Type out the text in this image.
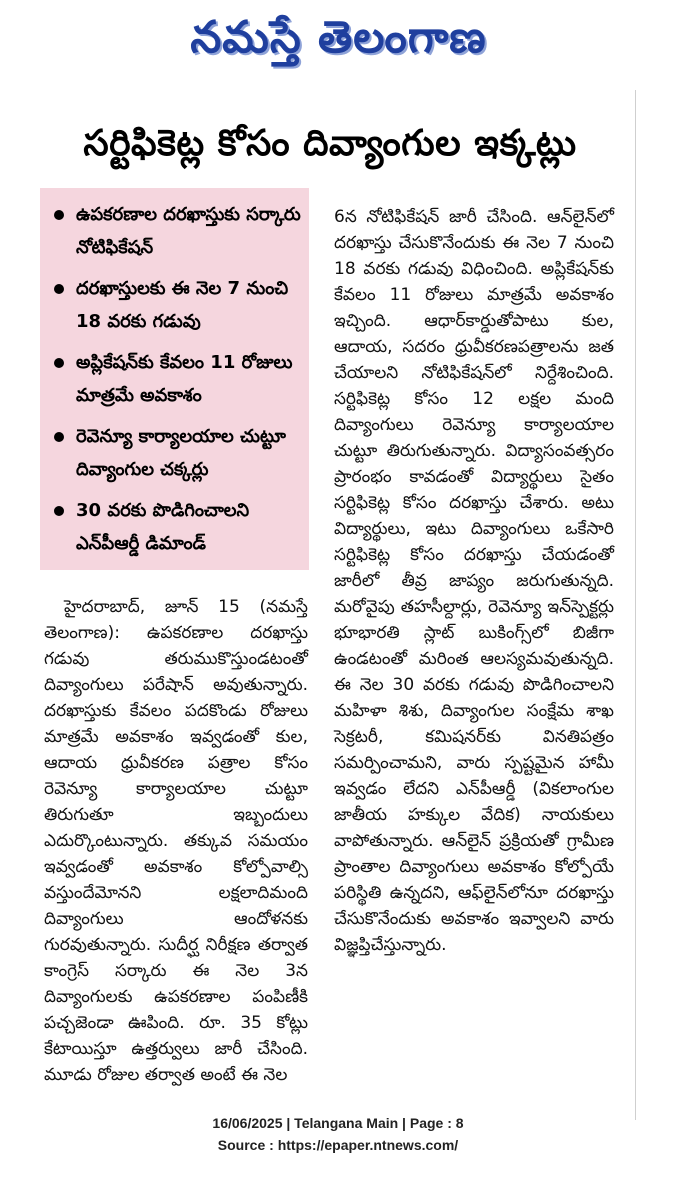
నమస్తే తెలంగాణ
సర్టిఫికెట్ల కోసం దివ్యాంగుల ఇక్కట్లు
ఉపకరణాల దరఖాస్తుకు సర్కారు నోటిఫికేషన్
దరఖాస్తులకు ఈ నెల 7 నుంచి 18 వరకు గడువు
అప్లికేషన్‌కు కేవలం 11 రోజులు మాత్రమే అవకాశం
రెవెన్యూ కార్యాలయాల చుట్టూ దివ్యాంగుల చక్కర్లు
30 వరకు పొడిగించాలని ఎన్‌పీఆర్డీ డిమాండ్

హైదరాబాద్, జూన్ 15 (నమస్తే తెలంగాణ): ఉపకరణాల దరఖాస్తు గడువు తరుముకొస్తుండటంతో దివ్యాంగులు పరేషాన్ అవుతున్నారు. దరఖాస్తుకు కేవలం పదకొండు రోజులు మాత్రమే అవకాశం ఇవ్వడంతో కుల, ఆదాయ ధ్రువీకరణ పత్రాల కోసం రెవెన్యూ కార్యాలయాల చుట్టూ తిరుగుతూ ఇబ్బందులు ఎదుర్కొంటున్నారు. తక్కువ సమయం ఇవ్వడంతో అవకాశం కోల్పోవాల్సి వస్తుందేమోనని లక్షలాదిమంది దివ్యాంగులు ఆందోళనకు గురవుతున్నారు. సుదీర్ఘ నిరీక్షణ తర్వాత కాంగ్రెస్ సర్కారు ఈ నెల 3న దివ్యాంగులకు ఉపకరణాల పంపిణీకి పచ్చజెండా ఊపింది. రూ. 35 కోట్లు కేటాయిస్తూ ఉత్తర్వులు జారీ చేసింది. మూడు రోజుల తర్వాత అంటే ఈ నెల

6న నోటిఫికేషన్ జారీ చేసింది. ఆన్‌లైన్‌లో దరఖాస్తు చేసుకొనేందుకు ఈ నెల 7 నుంచి 18 వరకు గడువు విధించింది. అప్లికేషన్‌కు కేవలం 11 రోజులు మాత్రమే అవకాశం ఇచ్చింది. ఆధార్‌కార్డుతోపాటు కుల, ఆదాయ, సదరం ధ్రువీకరణపత్రాలను జత చేయాలని నోటిఫికేషన్‌లో నిర్దేశించింది. సర్టిఫికెట్ల కోసం 12 లక్షల మంది దివ్యాంగులు రెవెన్యూ కార్యాలయాల చుట్టూ తిరుగుతున్నారు. విద్యాసంవత్సరం ప్రారంభం కావడంతో విద్యార్థులు సైతం సర్టిఫికెట్ల కోసం దరఖాస్తు చేశారు. అటు విద్యార్థులు, ఇటు దివ్యాంగులు ఒకేసారి సర్టిఫికెట్ల కోసం దరఖాస్తు చేయడంతో జారీలో తీవ్ర జాప్యం జరుగుతున్నది. మరోవైపు తహసీల్దార్లు, రెవెన్యూ ఇన్‌స్పెక్టర్లు భూభారతి స్లాట్ బుకింగ్స్‌లో బిజీగా ఉండటంతో మరింత ఆలస్యమవుతున్నది. ఈ నెల 30 వరకు గడువు పొడిగించాలని మహిళా శిశు, దివ్యాంగుల సంక్షేమ శాఖ సెక్రటరీ, కమిషనర్‌కు వినతిపత్రం సమర్పించామని, వారు స్పష్టమైన హామీ ఇవ్వడం లేదని ఎన్‌పీఆర్డీ (వికలాంగుల జాతీయ హక్కుల వేదిక) నాయకులు వాపోతున్నారు. ఆన్‌లైన్ ప్రక్రియతో గ్రామీణ ప్రాంతాల దివ్యాంగులు అవకాశం కోల్పోయే పరిస్థితి ఉన్నదని, ఆఫ్‌లైన్‌లోనూ దరఖాస్తు చేసుకొనేందుకు అవకాశం ఇవ్వాలని వారు విజ్ఞప్తిచేస్తున్నారు.

16/06/2025 | Telangana Main | Page : 8
Source : https://epaper.ntnews.com/
